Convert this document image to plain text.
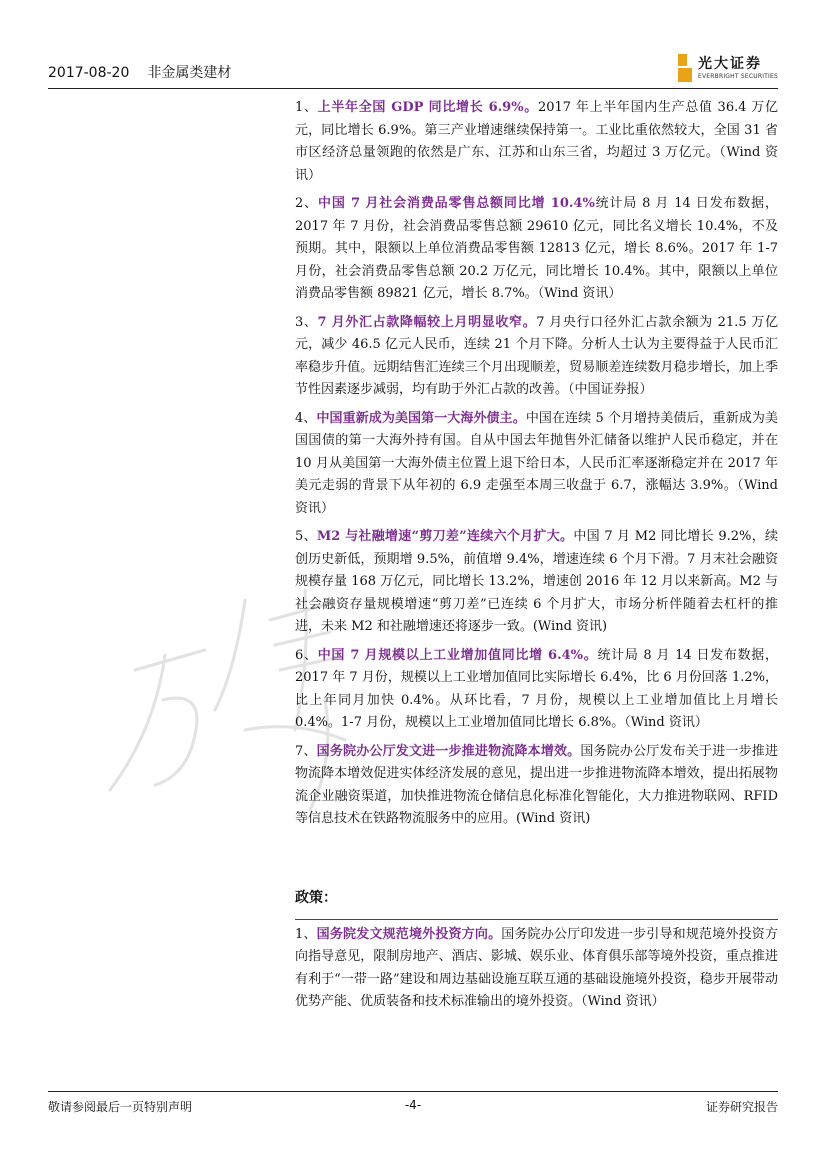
2017-08-20 非金属类建材
光大证券
EVERBRIGHT SECURITIES

1、上半年全国 GDP 同比增长 6.9%。2017 年上半年国内生产总值 36.4 万亿元，同比增长 6.9%。第三产业增速继续保持第一。工业比重依然较大，全国 31 省市区经济总量领跑的依然是广东、江苏和山东三省，均超过 3 万亿元。（Wind 资讯）

2、中国 7 月社会消费品零售总额同比增 10.4%统计局 8 月 14 日发布数据，2017 年 7 月份，社会消费品零售总额 29610 亿元，同比名义增长 10.4%，不及预期。其中，限额以上单位消费品零售额 12813 亿元，增长 8.6%。2017 年 1-7 月份，社会消费品零售总额 20.2 万亿元，同比增长 10.4%。其中，限额以上单位消费品零售额 89821 亿元，增长 8.7%。（Wind 资讯）

3、7 月外汇占款降幅较上月明显收窄。7 月央行口径外汇占款余额为 21.5 万亿元，减少 46.5 亿元人民币，连续 21 个月下降。分析人士认为主要得益于人民币汇率稳步升值。远期结售汇连续三个月出现顺差，贸易顺差连续数月稳步增长，加上季节性因素逐步减弱，均有助于外汇占款的改善。（中国证券报）

4、中国重新成为美国第一大海外债主。中国在连续 5 个月增持美债后，重新成为美国国债的第一大海外持有国。自从中国去年抛售外汇储备以维护人民币稳定，并在 10 月从美国第一大海外债主位置上退下给日本，人民币汇率逐渐稳定并在 2017 年美元走弱的背景下从年初的 6.9 走强至本周三收盘于 6.7，涨幅达 3.9%。（Wind 资讯）

5、M2 与社融增速“剪刀差”连续六个月扩大。中国 7 月 M2 同比增长 9.2%，续创历史新低，预期增 9.5%，前值增 9.4%，增速连续 6 个月下滑。7 月末社会融资规模存量 168 万亿元，同比增长 13.2%，增速创 2016 年 12 月以来新高。M2 与社会融资存量规模增速“剪刀差”已连续 6 个月扩大，市场分析伴随着去杠杆的推进，未来 M2 和社融增速还将逐步一致。(Wind 资讯)

6、中国 7 月规模以上工业增加值同比增 6.4%。统计局 8 月 14 日发布数据，2017 年 7 月份，规模以上工业增加值同比实际增长 6.4%，比 6 月份回落 1.2%，比上年同月加快 0.4%。从环比看，7 月份，规模以上工业增加值比上月增长 0.4%。1-7 月份，规模以上工业增加值同比增长 6.8%。（Wind 资讯）

7、国务院办公厅发文进一步推进物流降本增效。国务院办公厅发布关于进一步推进物流降本增效促进实体经济发展的意见，提出进一步推进物流降本增效，提出拓展物流企业融资渠道，加快推进物流仓储信息化标准化智能化，大力推进物联网、RFID 等信息技术在铁路物流服务中的应用。(Wind 资讯)

政策：

1、国务院发文规范境外投资方向。国务院办公厅印发进一步引导和规范境外投资方向指导意见，限制房地产、酒店、影城、娱乐业、体育俱乐部等境外投资，重点推进有利于“一带一路”建设和周边基础设施互联互通的基础设施境外投资，稳步开展带动优势产能、优质装备和技术标准输出的境外投资。（Wind 资讯）

敬请参阅最后一页特别声明	-4-	证券研究报告
